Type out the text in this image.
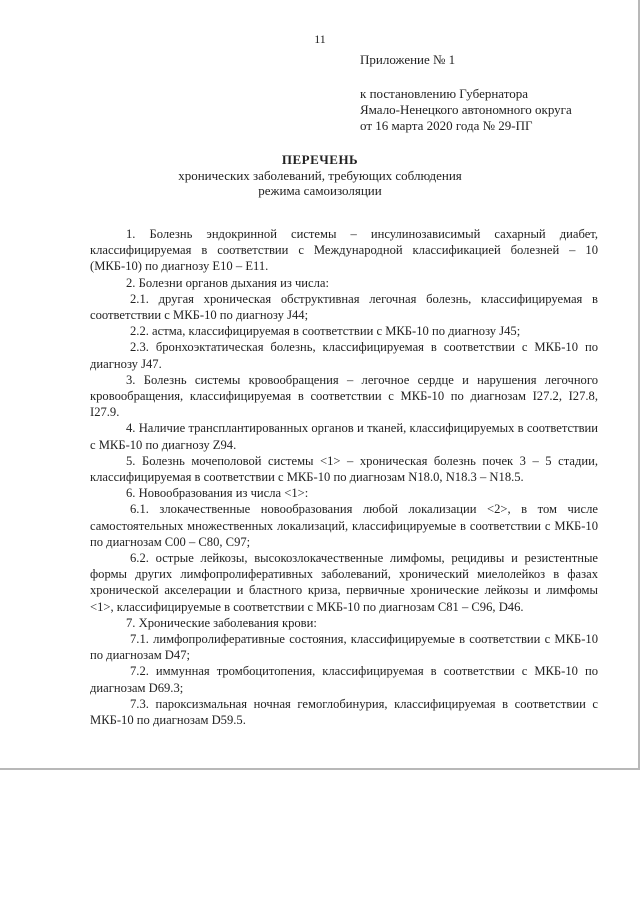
11
Приложение № 1
к постановлению Губернатора
Ямало-Ненецкого автономного округа
от 16 марта 2020 года № 29-ПГ
ПЕРЕЧЕНЬ
хронических заболеваний, требующих соблюдения
режима самоизоляции

1. Болезнь эндокринной системы – инсулинозависимый сахарный диабет, классифицируемая в соответствии с Международной классификацией болезней – 10 (МКБ-10) по диагнозу Е10 – Е11.

2. Болезни органов дыхания из числа:

2.1. другая хроническая обструктивная легочная болезнь, классифицируемая в соответствии с МКБ-10 по диагнозу J44;

2.2. астма, классифицируемая в соответствии с МКБ-10 по диагнозу J45;

2.3. бронхоэктатическая болезнь, классифицируемая в соответствии с МКБ-10 по диагнозу J47.

3. Болезнь системы кровообращения – легочное сердце и нарушения легочного кровообращения, классифицируемая в соответствии с МКБ-10 по диагнозам I27.2, I27.8, I27.9.

4. Наличие трансплантированных органов и тканей, классифицируемых в соответствии с МКБ-10 по диагнозу Z94.

5. Болезнь мочеполовой системы <1> – хроническая болезнь почек 3 – 5 стадии, классифицируемая в соответствии с МКБ-10 по диагнозам N18.0, N18.3 – N18.5.

6. Новообразования из числа <1>:

6.1. злокачественные новообразования любой локализации <2>, в том числе самостоятельных множественных локализаций, классифицируемые в соответствии с МКБ-10 по диагнозам С00 – С80, С97;

6.2. острые лейкозы, высокозлокачественные лимфомы, рецидивы и резистентные формы других лимфопролиферативных заболеваний, хронический миелолейкоз в фазах хронической акселерации и бластного криза, первичные хронические лейкозы и лимфомы <1>, классифицируемые в соответствии с МКБ-10 по диагнозам С81 – С96, D46.

7. Хронические заболевания крови:

7.1. лимфопролиферативные состояния, классифицируемые в соответствии с МКБ-10 по диагнозам D47;

7.2. иммунная тромбоцитопения, классифицируемая в соответствии с МКБ-10 по диагнозам D69.3;

7.3. пароксизмальная ночная гемоглобинурия, классифицируемая в соответствии с МКБ-10 по диагнозам D59.5.
